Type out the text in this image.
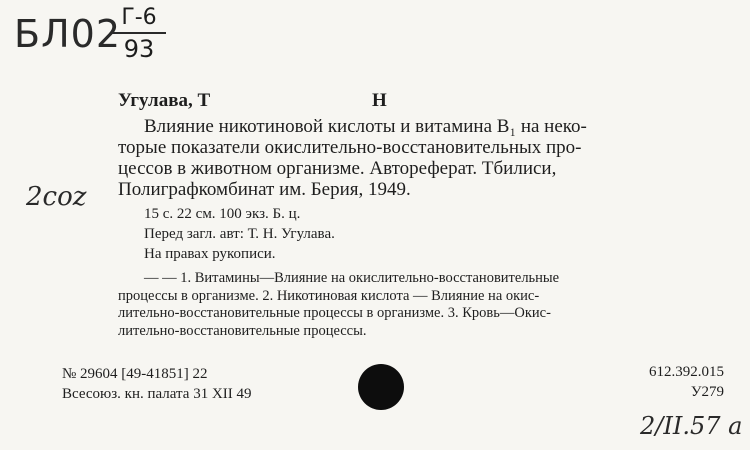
БЛ02 Г-6
93
2coz
Угулава, Т	Н
Влияние никотиновой кислоты и витамина B₁ на неко-
торые показатели окислительно-восстановительных про-
цессов в животном организме. Автореферат. Тбилиси,
Полиграфкомбинат им. Берия, 1949.
15 с. 22 см. 100 экз. Б. ц.
Перед загл. авт: Т. Н. Угулава.
На правах рукописи.
— — 1. Витамины—Влияние на окислительно-восстановительные
процессы в организме. 2. Никотиновая кислота — Влияние на окис-
лительно-восстановительные процессы в организме. 3. Кровь—Окис-
лительно-восстановительные процессы.
№ 29604 [49-41851] 22
Всесоюз. кн. палата 31 XII 49
612.392.015
У279
2/II.57 a
